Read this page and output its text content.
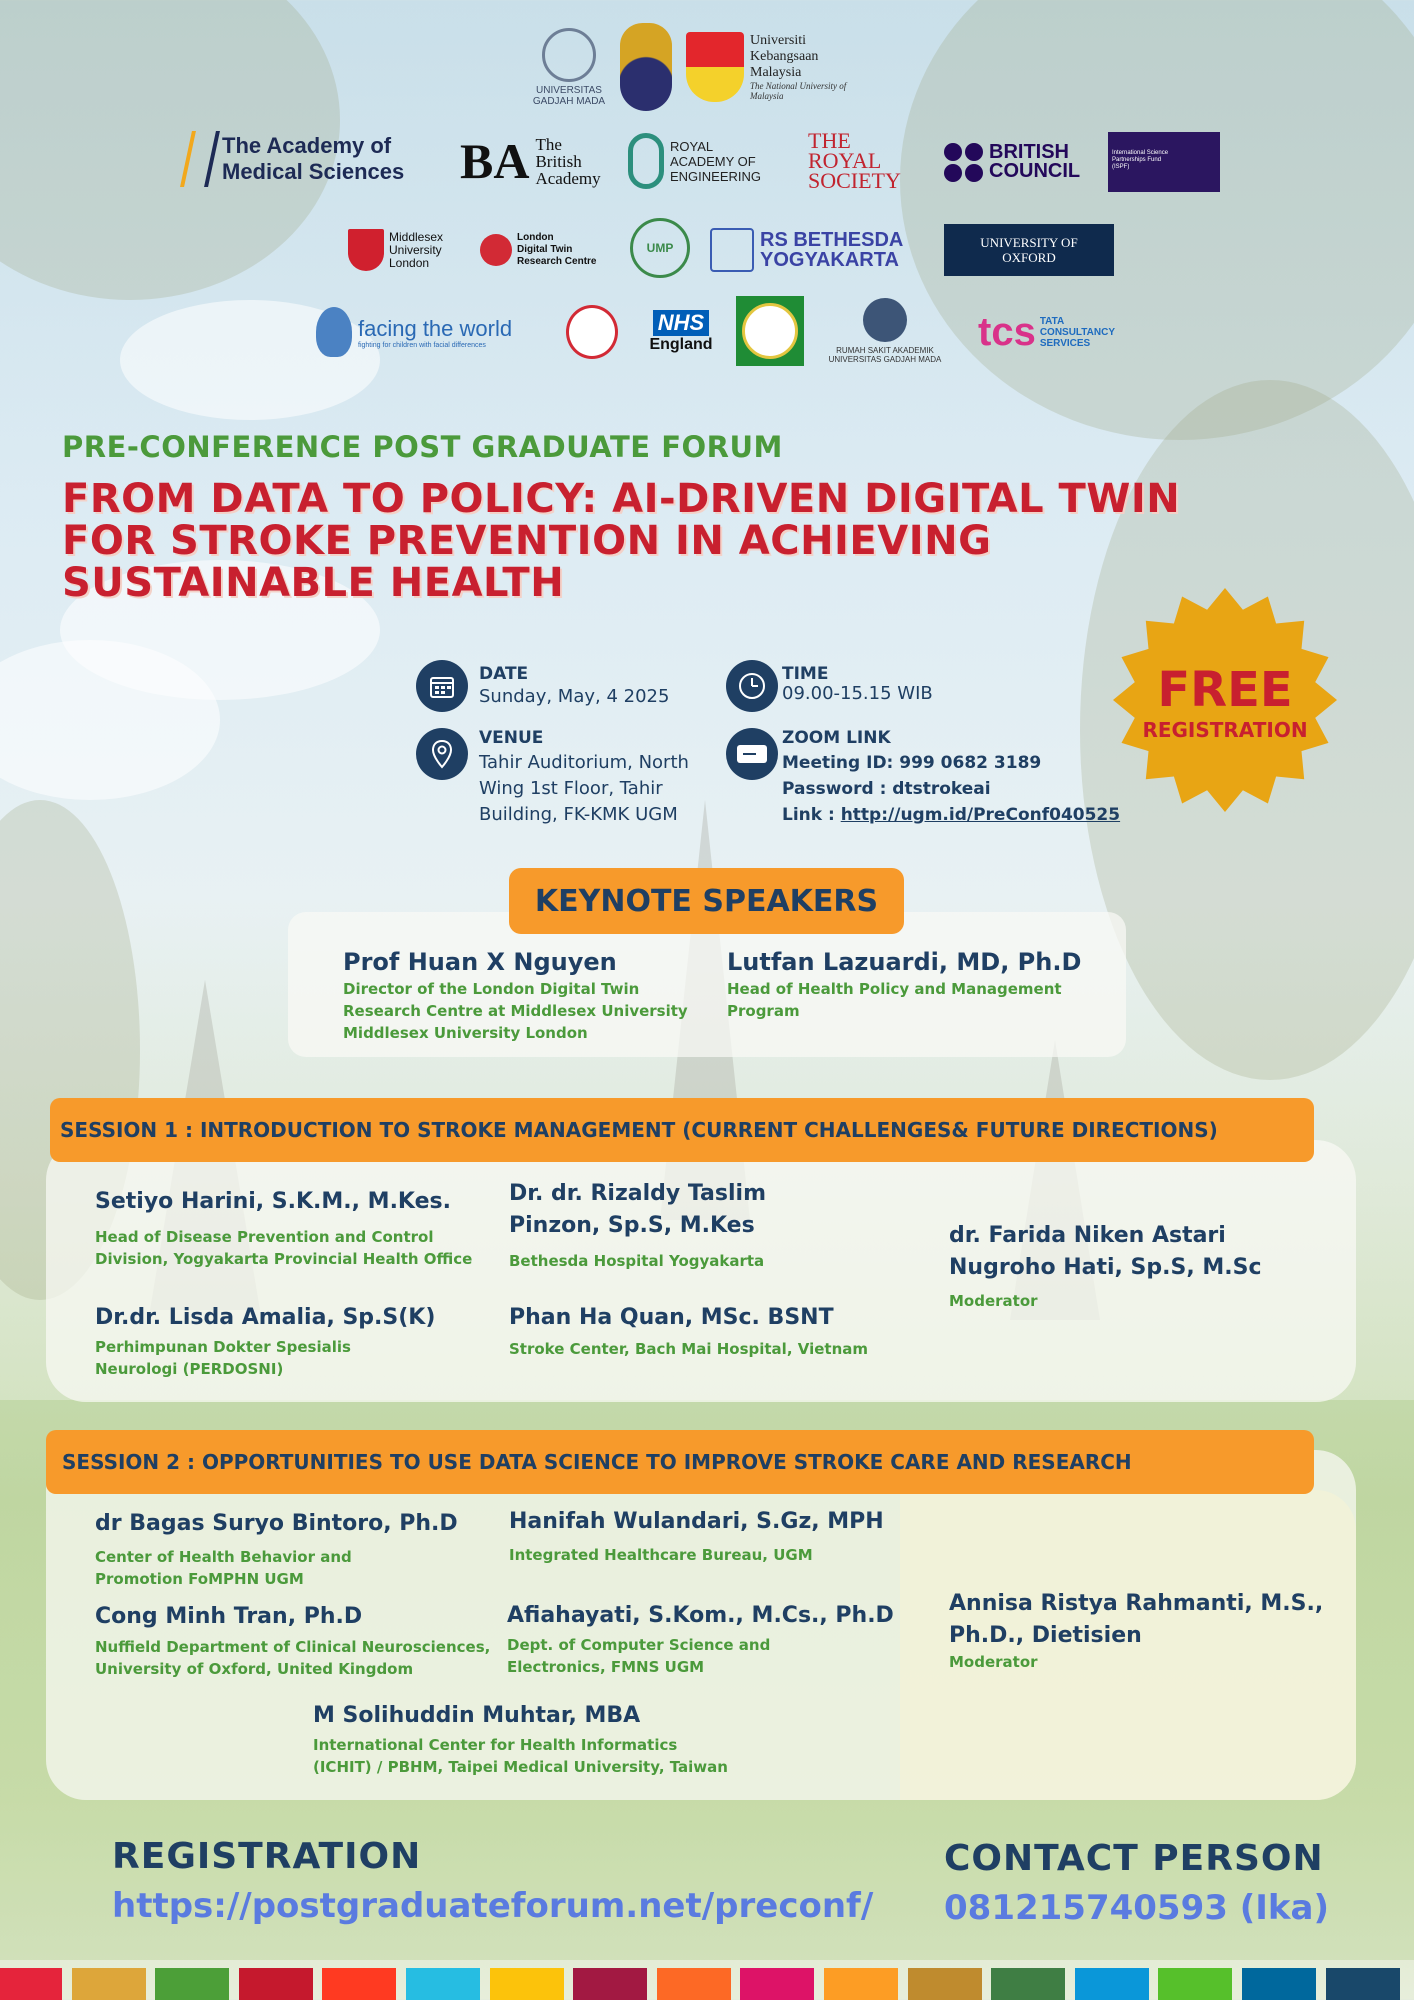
UNIVERSITAS
GADJAH MADA
Universiti
Kebangsaan
Malaysia
The National University of Malaysia
The Academy of
Medical Sciences BA The
British
Academy
ROYAL
ACADEMY OF
ENGINEERING
THE
ROYAL
SOCIETY
BRITISH
COUNCIL
International Science
Partnerships Fund
(ISPF)
Middlesex
University
London
London
Digital Twin
Research Centre
UMP	RS BETHESDA
YOGYAKARTA
UNIVERSITY OF
OXFORD
facing the world
fighting for children with facial differences
NHS
England	RUMAH SAKIT AKADEMIK
UNIVERSITAS GADJAH MADA
tcs TATA
CONSULTANCY
SERVICES
PRE-CONFERENCE POST GRADUATE FORUM
FROM DATA TO POLICY: AI-DRIVEN DIGITAL TWIN FOR STROKE PREVENTION IN ACHIEVING SUSTAINABLE HEALTH
DATE
Sunday, May, 4 2025
TIME
09.00-15.15 WIB
VENUE
Tahir Auditorium, North
Wing 1st Floor, Tahir
Building, FK-KMK UGM
ZOOM LINK
Meeting ID: 999 0682 3189
Password : dtstrokeai
Link : http://ugm.id/PreConf040525
FREE
REGISTRATION
KEYNOTE SPEAKERS
Prof Huan X Nguyen
Director of the London Digital Twin
Research Centre at Middlesex University
Middlesex University London
Lutfan Lazuardi, MD, Ph.D
Head of Health Policy and Management
Program
SESSION 1 : INTRODUCTION TO STROKE MANAGEMENT (CURRENT CHALLENGES& FUTURE DIRECTIONS)
Setiyo Harini, S.K.M., M.Kes.
Head of Disease Prevention and Control
Division, Yogyakarta Provincial Health Office
Dr. dr. Rizaldy Taslim
Pinzon, Sp.S, M.Kes
Bethesda Hospital Yogyakarta
Dr.dr. Lisda Amalia, Sp.S(K)
Perhimpunan Dokter Spesialis
Neurologi (PERDOSNI)
Phan Ha Quan, MSc. BSNT
Stroke Center, Bach Mai Hospital, Vietnam
dr. Farida Niken Astari
Nugroho Hati, Sp.S, M.Sc
Moderator
SESSION 2 : OPPORTUNITIES TO USE DATA SCIENCE TO IMPROVE STROKE CARE AND RESEARCH
dr Bagas Suryo Bintoro, Ph.D
Center of Health Behavior and
Promotion FoMPHN UGM
Hanifah Wulandari, S.Gz, MPH
Integrated Healthcare Bureau, UGM
Cong Minh Tran, Ph.D
Nuffield Department of Clinical Neurosciences,
University of Oxford, United Kingdom
Afiahayati, S.Kom., M.Cs., Ph.D
Dept. of Computer Science and
Electronics, FMNS UGM
M Solihuddin Muhtar, MBA
International Center for Health Informatics
(ICHIT) / PBHM, Taipei Medical University, Taiwan
Annisa Ristya Rahmanti, M.S.,
Ph.D., Dietisien
Moderator
REGISTRATION
https://postgraduateforum.net/preconf/
CONTACT PERSON
081215740593 (Ika)
